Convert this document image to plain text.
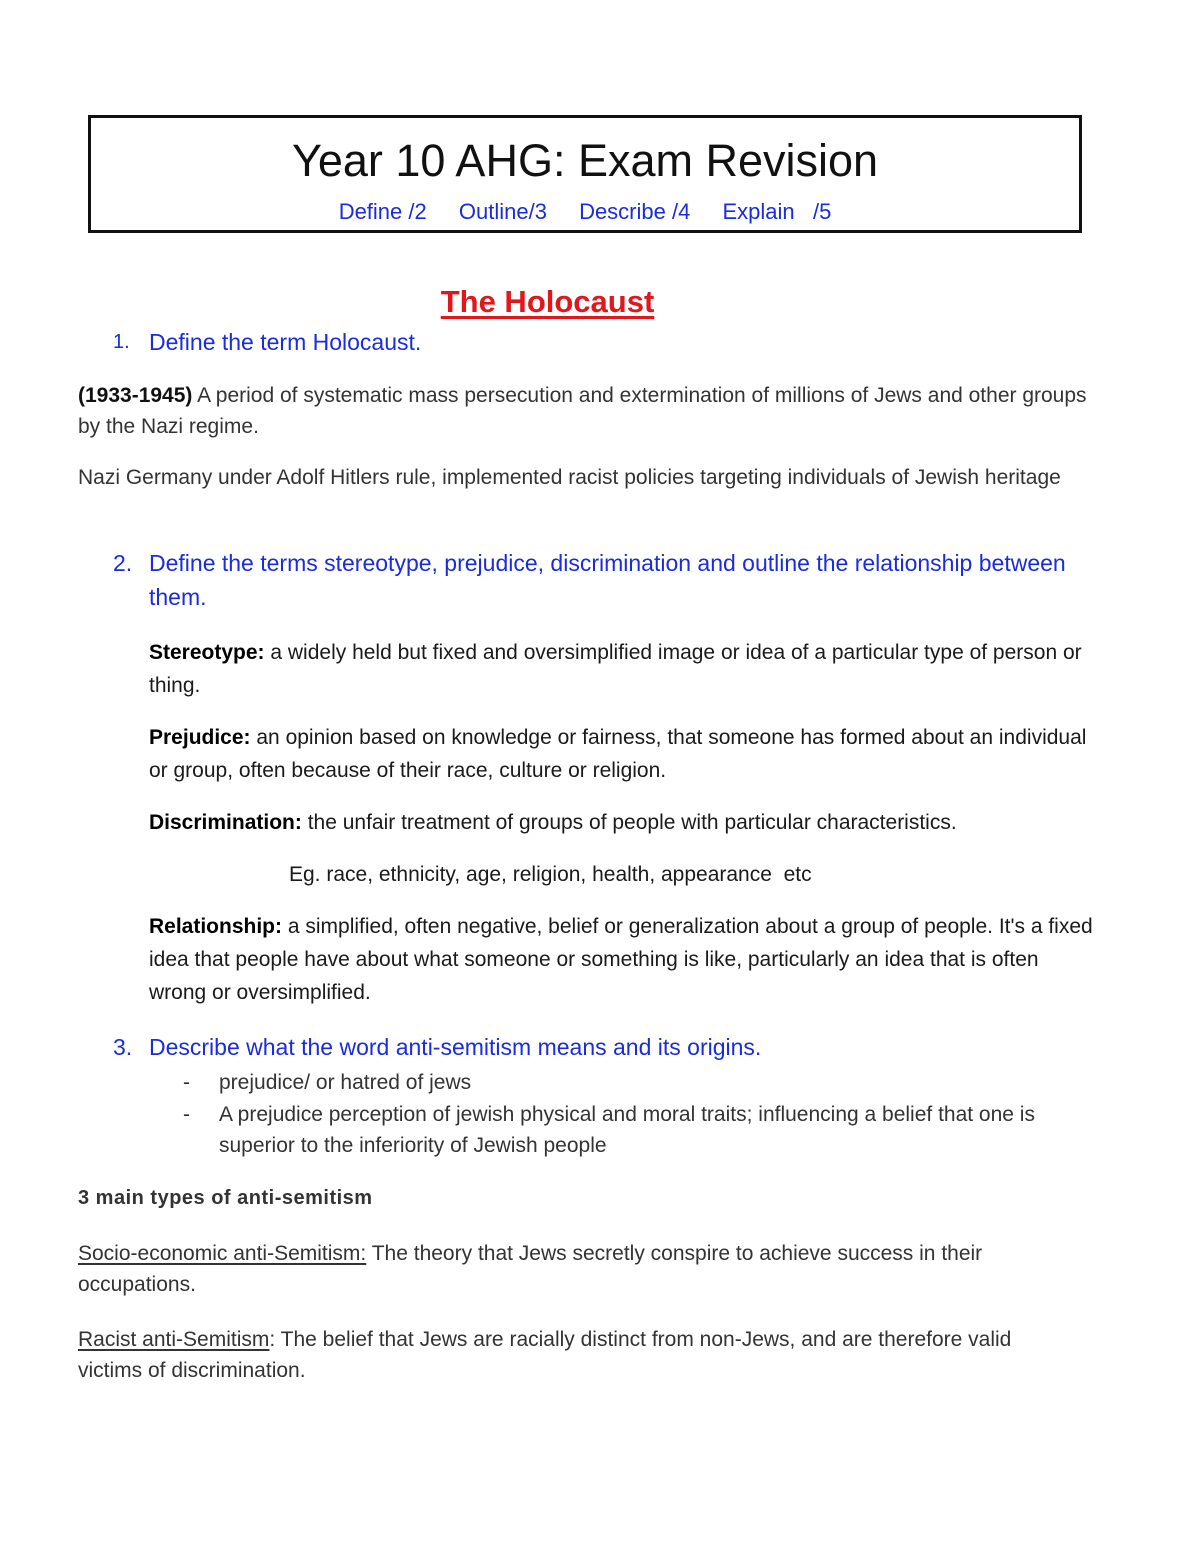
Year 10 AHG: Exam Revision
Define /2 Outline/3 Describe /4 Explain   /5
The Holocaust
1. Define the term Holocaust.
(1933-1945) A period of systematic mass persecution and extermination of millions of Jews and other groups by the Nazi regime.
Nazi Germany under Adolf Hitlers rule, implemented racist policies targeting individuals of Jewish heritage
2. Define the terms stereotype, prejudice, discrimination and outline the relationship between them.
Stereotype: a widely held but fixed and oversimplified image or idea of a particular type of person or thing.
Prejudice: an opinion based on knowledge or fairness, that someone has formed about an individual or group, often because of their race, culture or religion.
Discrimination: the unfair treatment of groups of people with particular characteristics.
Eg. race, ethnicity, age, religion, health, appearance  etc
Relationship: a simplified, often negative, belief or generalization about a group of people. It's a fixed idea that people have about what someone or something is like, particularly an idea that is often wrong or oversimplified.
3. Describe what the word anti-semitism means and its origins.
- prejudice/ or hatred of jews
- A prejudice perception of jewish physical and moral traits; influencing a belief that one is superior to the inferiority of Jewish people
3 main types of anti-semitism
Socio-economic anti-Semitism: The theory that Jews secretly conspire to achieve success in their occupations.
Racist anti-Semitism: The belief that Jews are racially distinct from non-Jews, and are therefore valid victims of discrimination.
